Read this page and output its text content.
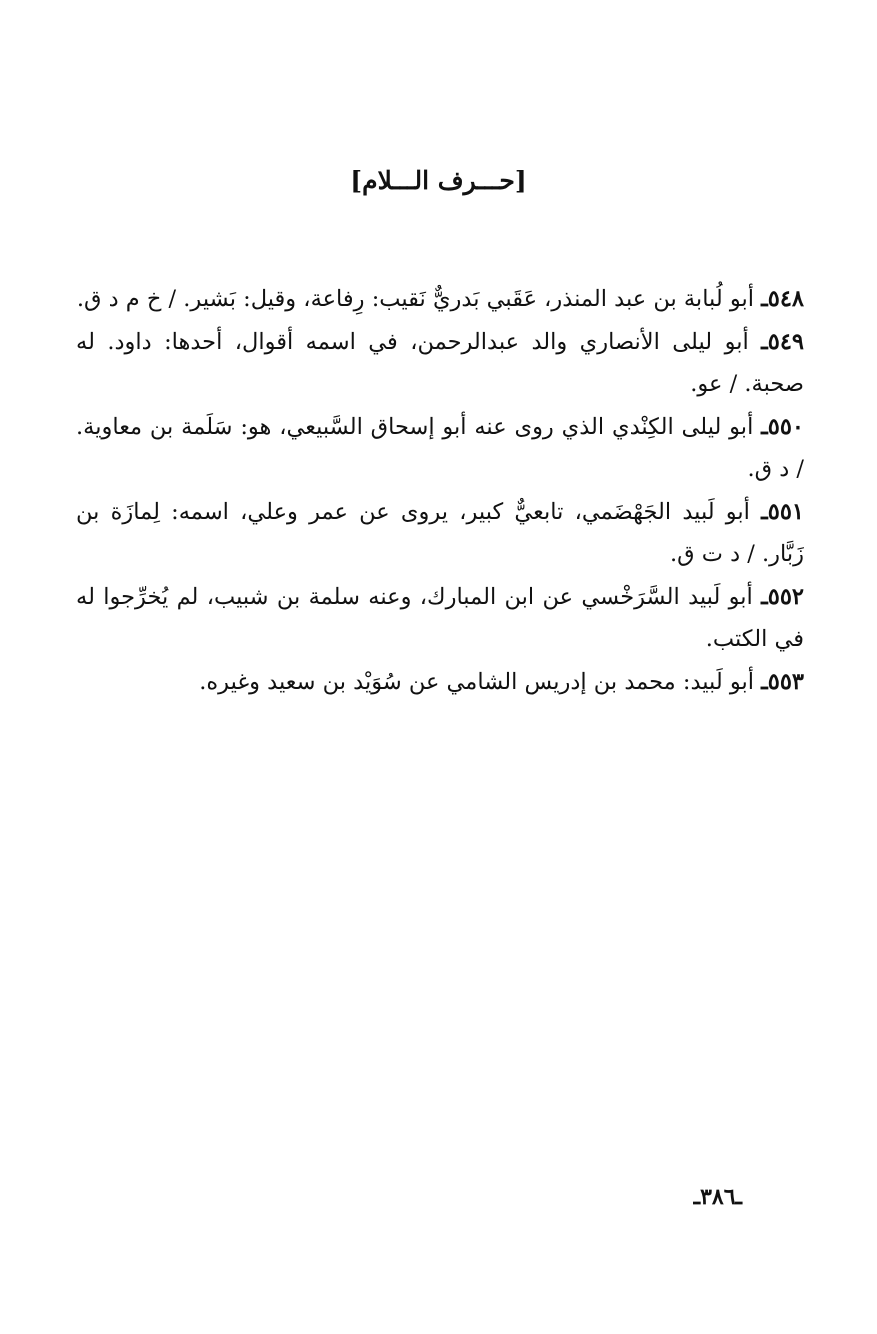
[حـــرف الـــلام]
٥٤٨ـ أبو لُبابة بن عبد المنذر، عَقَبي بَدريٌّ نَقيب: رِفاعة، وقيل: بَشير. / خ م د ق.
٥٤٩ـ أبو ليلى الأنصاري والد عبدالرحمن، في اسمه أقوال، أحدها: داود. له صحبة. / عو.
٥٥٠ـ أبو ليلى الكِنْدي الذي روى عنه أبو إسحاق السَّبيعي، هو: سَلَمة بن معاوية. / د ق.
٥٥١ـ أبو لَبيد الجَهْضَمي، تابعيٌّ كبير، يروى عن عمر وعلي، اسمه: لِمازَة بن زَبَّار. / د ت ق.
٥٥٢ـ أبو لَبيد السَّرَخْسي عن ابن المبارك، وعنه سلمة بن شبيب، لم يُخرِّجوا له في الكتب.
٥٥٣ـ أبو لَبيد: محمد بن إدريس الشامي عن سُوَيْد بن سعيد وغيره.
ـ٣٨٦ـ
